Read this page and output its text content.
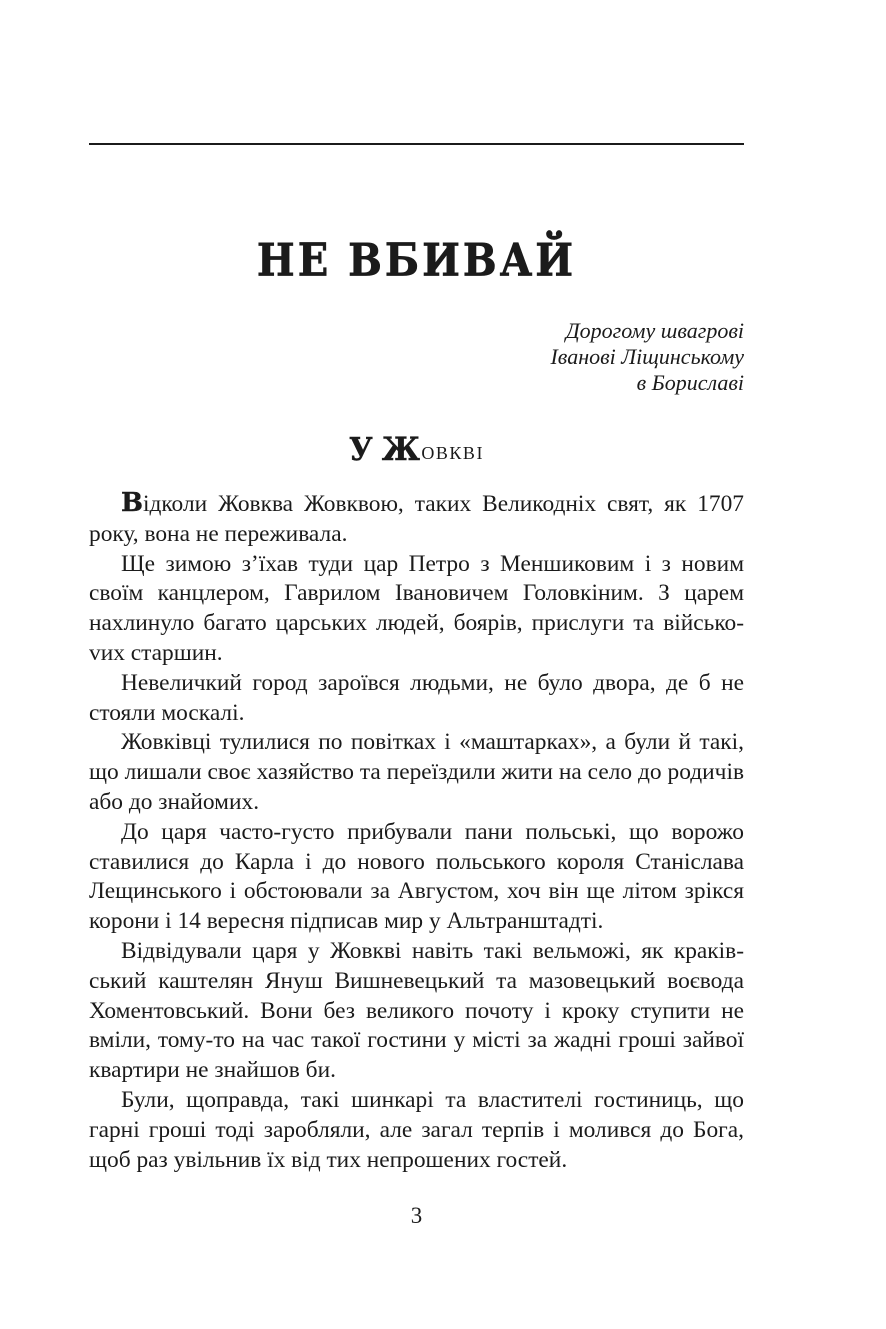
НЕ ВБИВАЙ
Дорогому швагрові
Іванові Ліщинському
в Бориславі
У Жовкві

Відколи Жовква Жовквою, таких Великодніх свят, як 1707 року, вона не переживала.

Ще зимою з’їхав туди цар Петро з Меншиковим і з новим своїм канцлером, Гаврилом Івановичем Головкіним. З царем нахлинуло багато царських людей, боярів, прислуги та військоvих старшин.

Невеличкий город зароївся людьми, не було двора, де б не стояли москалі.

Жовківці тулилися по повітках і «маштарках», а були й такі, що лишали своє хазяйство та переїздили жити на село до родичів або до знайомих.

До царя часто-густо прибували пани польські, що ворожо ставилися до Карла і до нового польського короля Станіслава Лещинського і обстоювали за Августом, хоч він ще літом зрікся корони і 14 вересня підписав мир у Альтранштадті.

Відвідували царя у Жовкві навіть такі вельможі, як краківський каштелян Януш Вишневецький та мазовецький воєвода Хоментовський. Вони без великого почоту і кроку ступити не вміли, тому-то на час такої гостини у місті за жадні гроші зайвої квартири не знайшов би.

Були, щоправда, такі шинкарі та властителі гостиниць, що гарні гроші тоді заробляли, але загал терпів і молився до Бога, щоб раз увільнив їх від тих непрошених гостей.

3
